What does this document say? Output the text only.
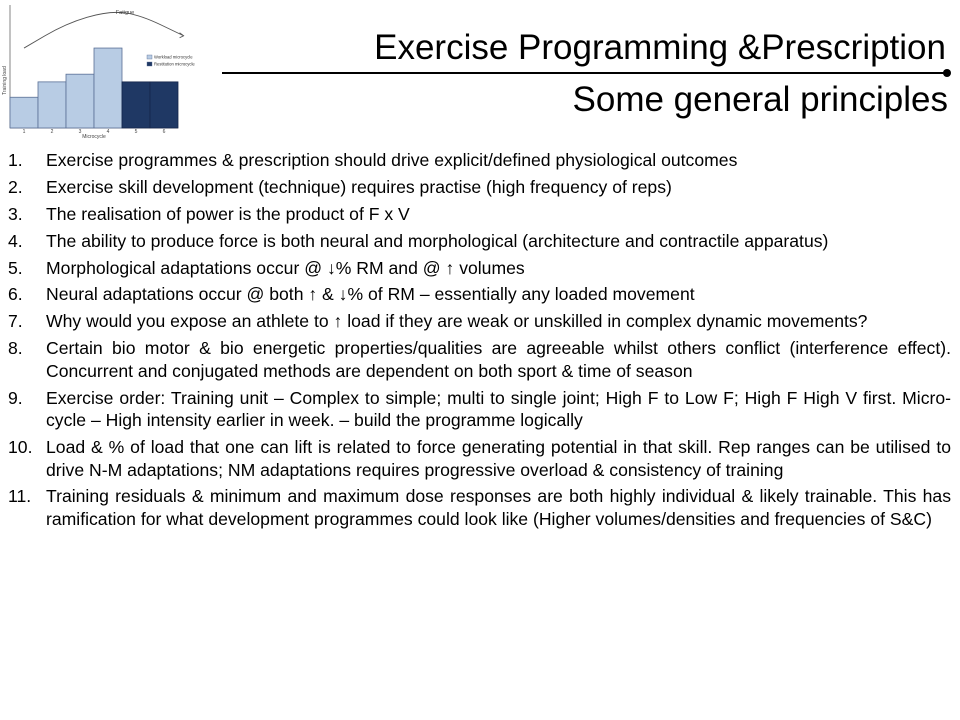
Training load
Microcycle
Fatigue
1	2	3	4	5	6
Workload microcycle
Restitution microcycle	Exercise Programming &Prescription
Some general principles
1.	Exercise programmes & prescription should drive explicit/defined physiological outcomes
2.	Exercise skill development (technique) requires practise (high frequency of reps)
3.	The realisation of power is the product of F x V
4.	The ability to produce force is both neural and morphological (architecture and contractile apparatus)
5.	Morphological adaptations occur @ ↓% RM and @ ↑ volumes
6.	Neural adaptations occur @ both ↑ & ↓% of RM – essentially any loaded movement
7.	Why would you expose an athlete to ↑ load if they are weak or unskilled in complex dynamic movements?
8.	Certain bio motor & bio energetic properties/qualities are agreeable whilst others conflict (interference effect). Concurrent and conjugated methods are dependent on both sport & time of season
9.	Exercise order: Training unit – Complex to simple; multi to single joint; High F to Low F; High F High V first. Micro-cycle – High intensity earlier in week. – build the programme logically
10. Load & % of load that one can lift is related to force generating potential in that skill. Rep ranges can be utilised to drive N-M adaptations; NM adaptations requires progressive overload & consistency of training
11. Training residuals & minimum and maximum dose responses are both highly individual & likely trainable. This has ramification for what development programmes could look like (Higher volumes/densities and frequencies of S&C)
